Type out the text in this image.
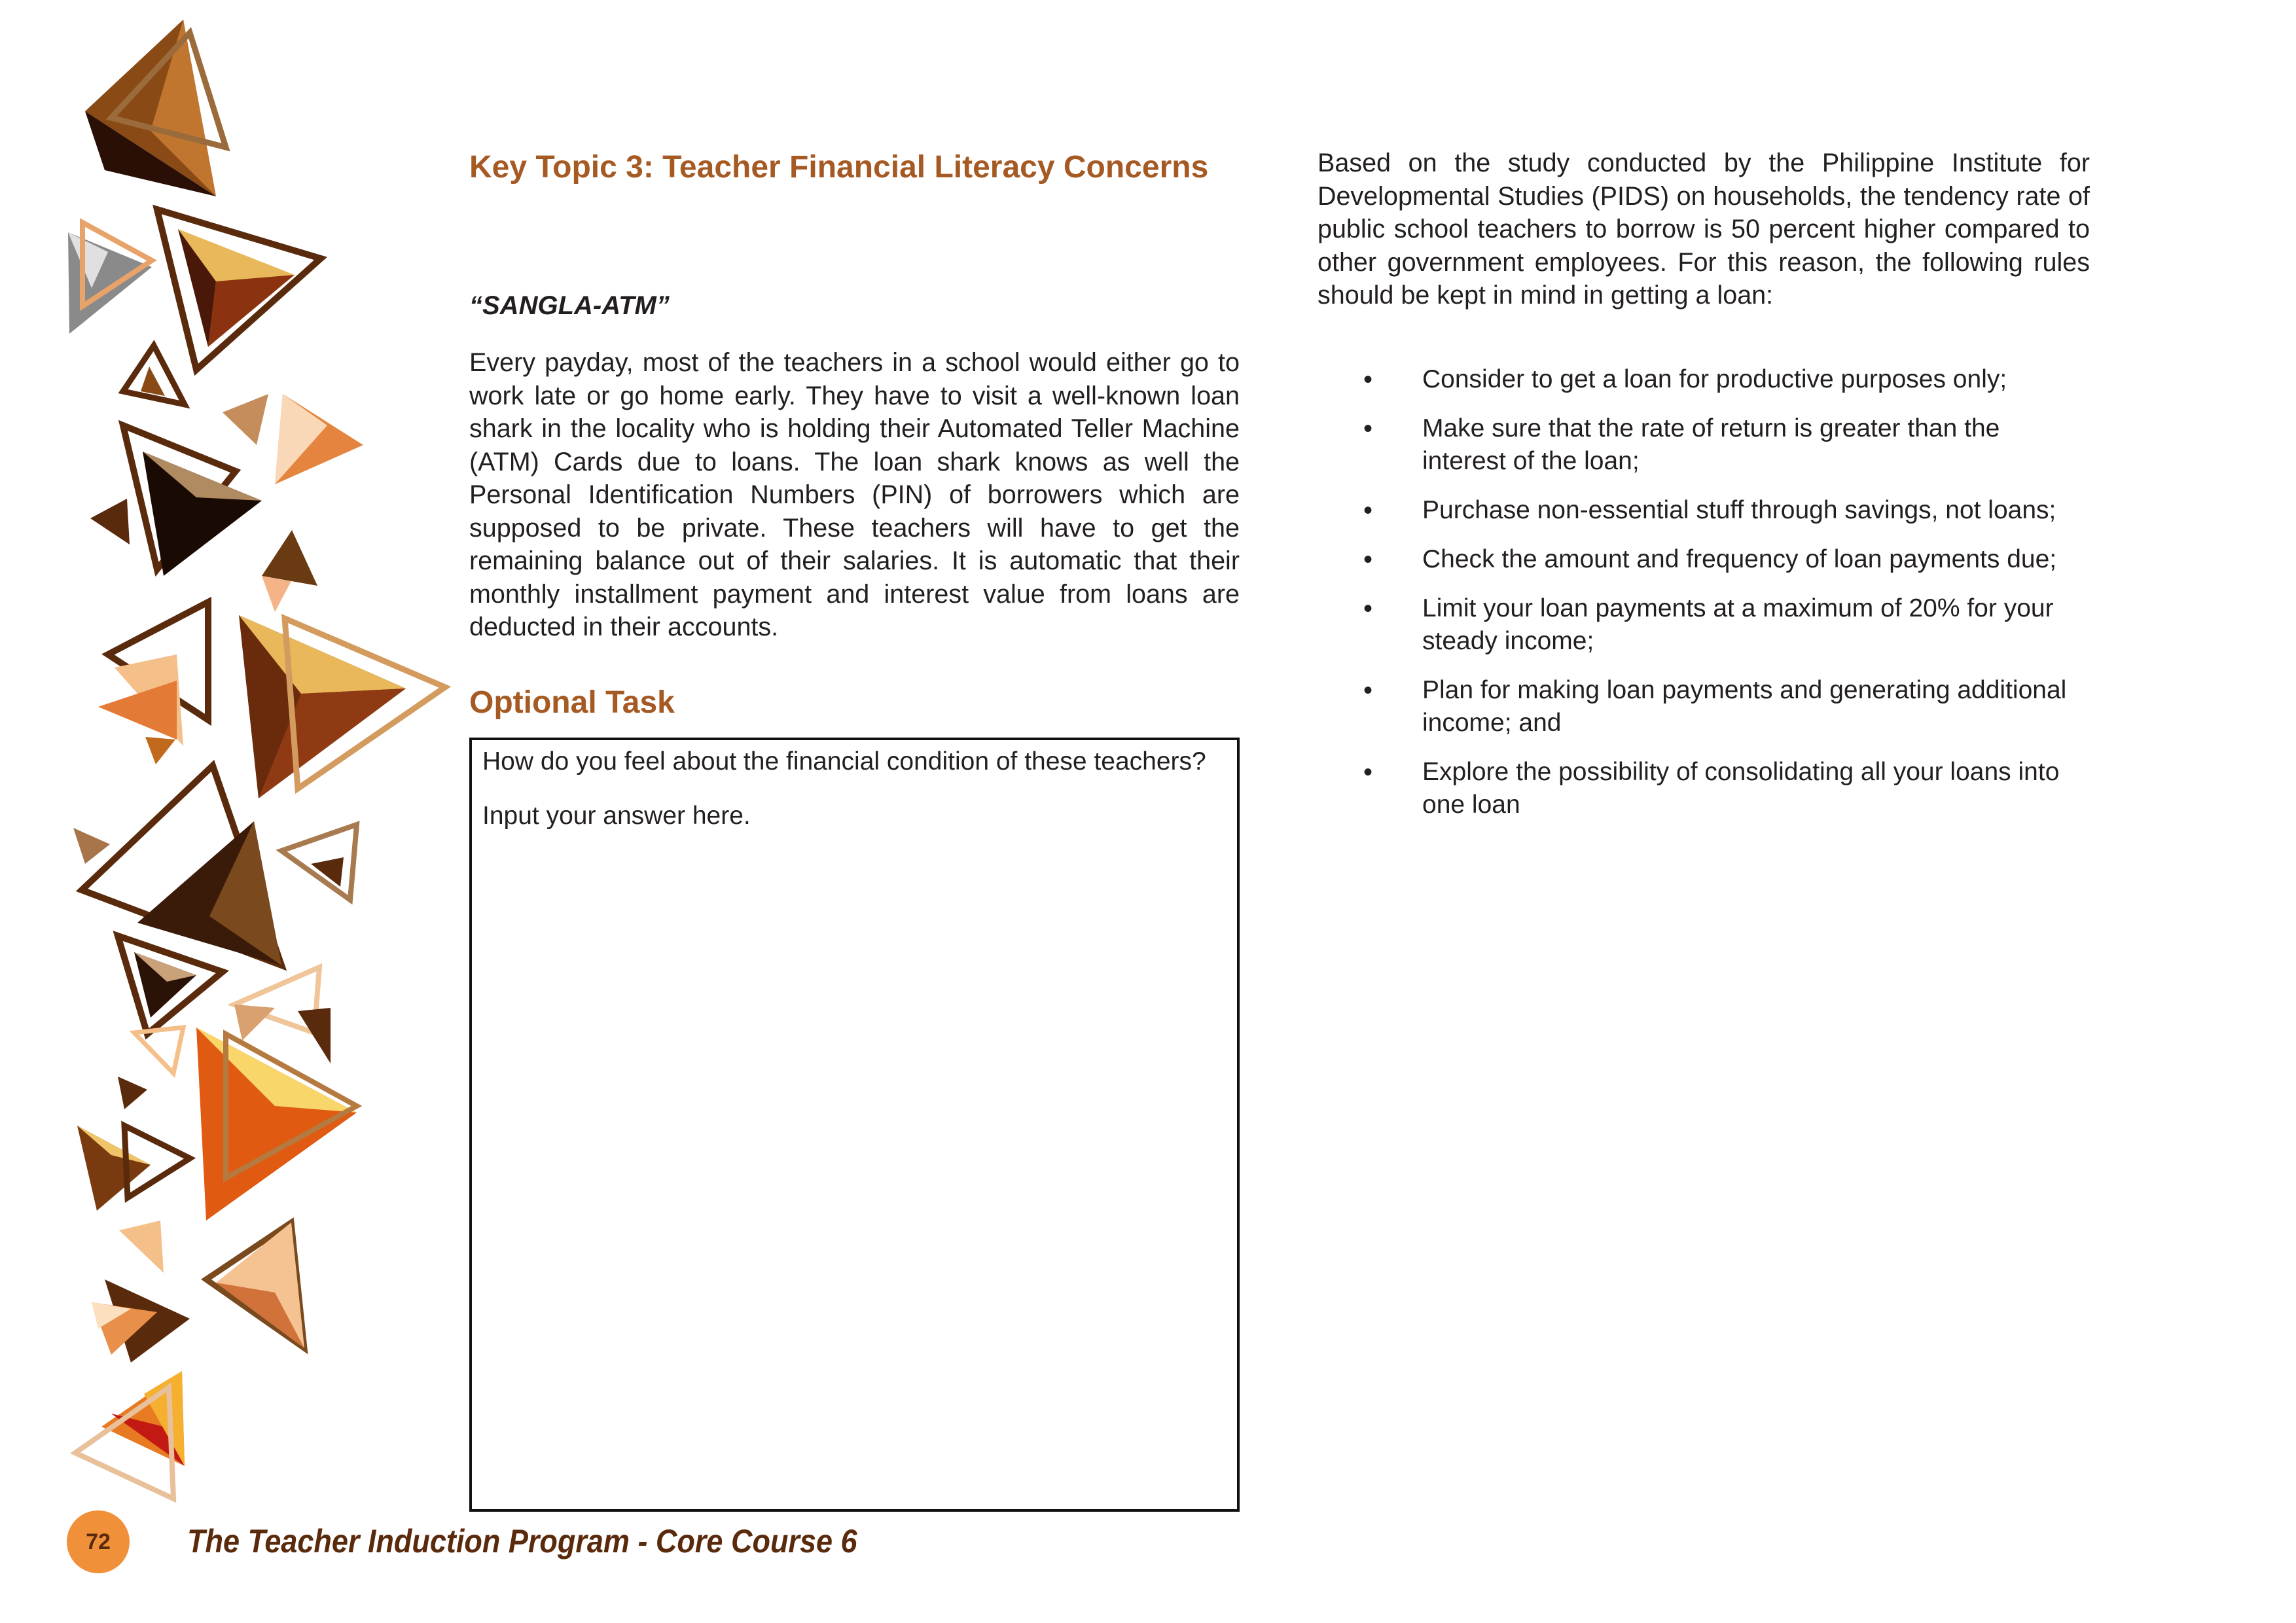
Key Topic 3: Teacher Financial Literacy Concerns
“SANGLA-ATM”

Every payday, most of the teachers in a school would either go to work late or go home early. They have to visit a well-known loan shark in the locality who is holding their Automated Teller Machine (ATM) Cards due to loans. The loan shark knows as well the Personal Identification Numbers (PIN) of borrowers which are supposed to be private. These teachers will have to get the remaining balance out of their salaries. It is automatic that their monthly installment payment and interest value from loans are deducted in their accounts.

Optional Task

How do you feel about the financial condition of these teachers?

Input your answer here.

Based on the study conducted by the Philippine Institute for Developmental Studies (PIDS) on households, the tendency rate of public school teachers to borrow is 50 percent higher compared to other government employees. For this reason, the following rules should be kept in mind in getting a loan:

• Consider to get a loan for productive purposes only;
• Make sure that the rate of return is greater than the interest of the loan;
• Purchase non-essential stuff through savings, not loans;
• Check the amount and frequency of loan payments due;
• Limit your loan payments at a maximum of 20% for your steady income;
• Plan for making loan payments and generating additional income; and
• Explore the possibility of consolidating all your loans into one loan
72	The Teacher Induction Program - Core Course 6
